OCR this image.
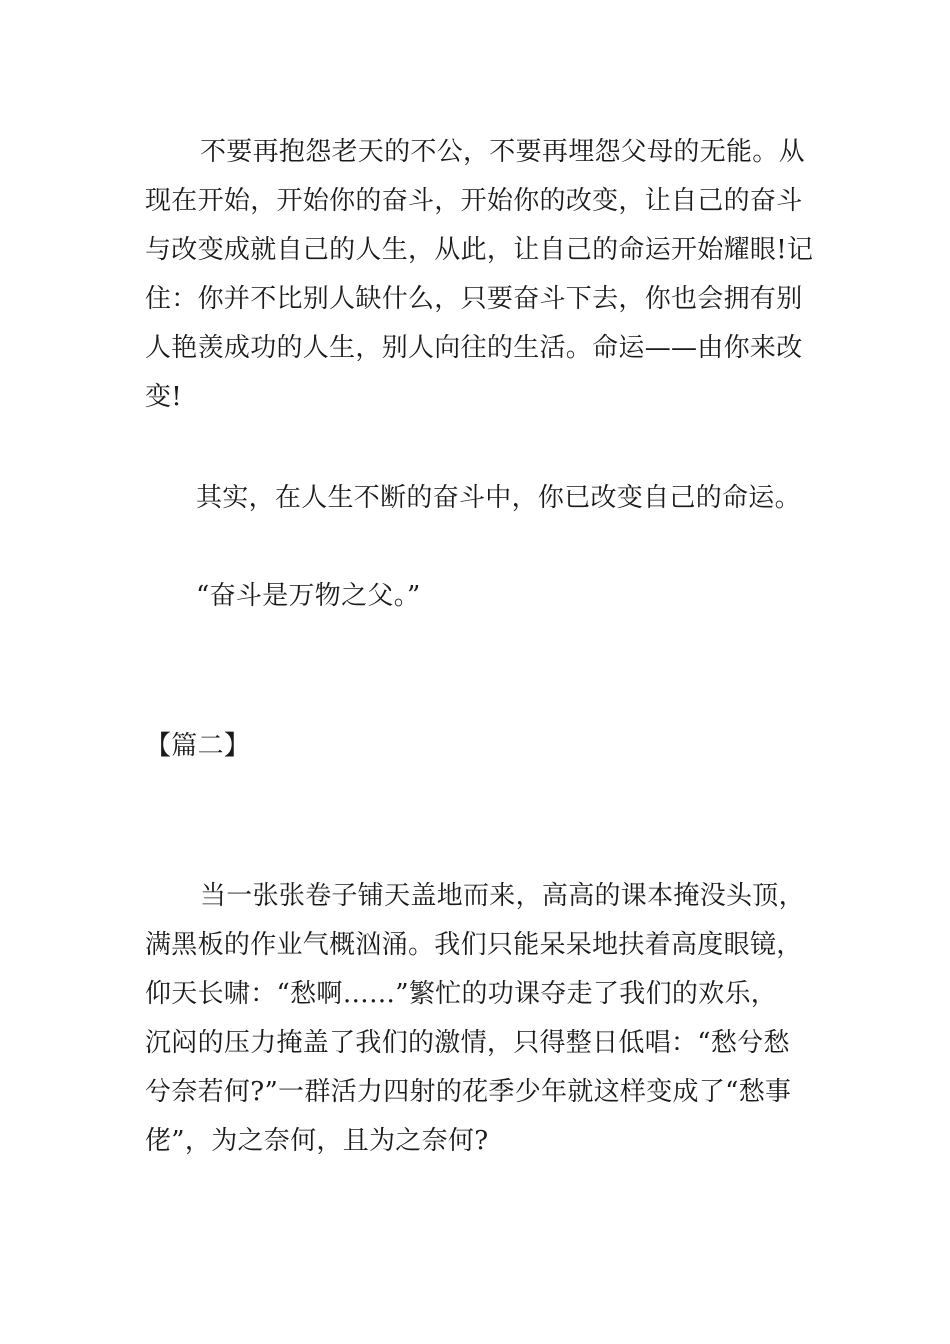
不要再抱怨老天的不公，不要再埋怨父母的无能。从
现在开始，开始你的奋斗，开始你的改变，让自己的奋斗
与改变成就自己的人生，从此，让自己的命运开始耀眼!记
住：你并不比别人缺什么，只要奋斗下去，你也会拥有别
人艳羡成功的人生，别人向往的生活。命运——由你来改
变!
其实，在人生不断的奋斗中，你已改变自己的命运。
“奋斗是万物之父。”
【篇二】
当一张张卷子铺天盖地而来，高高的课本掩没头顶，
满黑板的作业气概汹涌。我们只能呆呆地扶着高度眼镜，
仰天长啸：“愁啊……”繁忙的功课夺走了我们的欢乐，
沉闷的压力掩盖了我们的激情，只得整日低唱：“愁兮愁
兮奈若何?”一群活力四射的花季少年就这样变成了“愁事
佬”，为之奈何，且为之奈何?
